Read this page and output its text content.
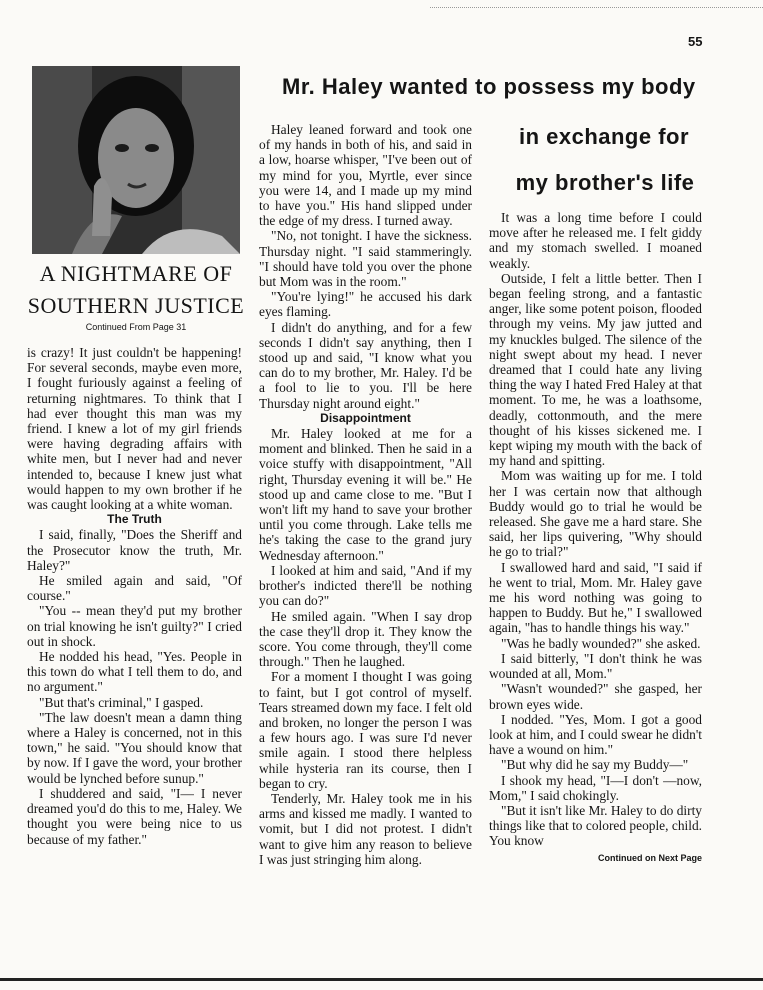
55
A NIGHTMARE OF
SOUTHERN JUSTICE
Continued From Page 31
Mr. Haley wanted to possess my body
in exchange for
my brother's life

is crazy! It just couldn't be happening! For several seconds, maybe even more, I fought furiously against a feeling of returning nightmares. To think that I had ever thought this man was my friend. I knew a lot of my girl friends were having degrading affairs with white men, but I never had and never intended to, because I knew just what would happen to my own brother if he was caught looking at a white woman.

The Truth

I said, finally, "Does the Sheriff and the Prosecutor know the truth, Mr. Haley?"

He smiled again and said, "Of course."

"You -- mean they'd put my brother on trial knowing he isn't guilty?" I cried out in shock.

He nodded his head, "Yes. People in this town do what I tell them to do, and no argument."

"But that's criminal," I gasped.

"The law doesn't mean a damn thing where a Haley is concerned, not in this town," he said. "You should know that by now. If I gave the word, your brother would be lynched before sunup."

I shuddered and said, "I— I never dreamed you'd do this to me, Haley. We thought you were being nice to us because of my father."

Haley leaned forward and took one of my hands in both of his, and said in a low, hoarse whisper, "I've been out of my mind for you, Myrtle, ever since you were 14, and I made up my mind to have you." His hand slipped under the edge of my dress. I turned away.

"No, not tonight. I have the sickness. Thursday night. "I said stammeringly. "I should have told you over the phone but Mom was in the room."

"You're lying!" he accused his dark eyes flaming.

I didn't do anything, and for a few seconds I didn't say anything, then I stood up and said, "I know what you can do to my brother, Mr. Haley. I'd be a fool to lie to you. I'll be here Thursday night around eight."

Disappointment

Mr. Haley looked at me for a moment and blinked. Then he said in a voice stuffy with disappointment, "All right, Thursday evening it will be." He stood up and came close to me. "But I won't lift my hand to save your brother until you come through. Lake tells me he's taking the case to the grand jury Wednesday afternoon."

I looked at him and said, "And if my brother's indicted there'll be nothing you can do?"

He smiled again. "When I say drop the case they'll drop it. They know the score. You come through, they'll come through." Then he laughed.

For a moment I thought I was going to faint, but I got control of myself. Tears streamed down my face. I felt old and broken, no longer the person I was a few hours ago. I was sure I'd never smile again. I stood there helpless while hysteria ran its course, then I began to cry.

Tenderly, Mr. Haley took me in his arms and kissed me madly. I wanted to vomit, but I did not protest. I didn't want to give him any reason to believe I was just stringing him along.

It was a long time before I could move after he released me. I felt giddy and my stomach swelled. I moaned weakly.

Outside, I felt a little better. Then I began feeling strong, and a fantastic anger, like some potent poison, flooded through my veins. My jaw jutted and my knuckles bulged. The silence of the night swept about my head. I never dreamed that I could hate any living thing the way I hated Fred Haley at that moment. To me, he was a loathsome, deadly, cottonmouth, and the mere thought of his kisses sickened me. I kept wiping my mouth with the back of my hand and spitting.

Mom was waiting up for me. I told her I was certain now that although Buddy would go to trial he would be released. She gave me a hard stare. She said, her lips quivering, "Why should he go to trial?"

I swallowed hard and said, "I said if he went to trial, Mom. Mr. Haley gave me his word nothing was going to happen to Buddy. But he," I swallowed again, "has to handle things his way."

"Was he badly wounded?" she asked.

I said bitterly, "I don't think he was wounded at all, Mom."

"Wasn't wounded?" she gasped, her brown eyes wide.

I nodded. "Yes, Mom. I got a good look at him, and I could swear he didn't have a wound on him."

"But why did he say my Buddy—"

I shook my head, "I—I don't —now, Mom," I said chokingly.

"But it isn't like Mr. Haley to do dirty things like that to colored people, child. You know

Continued on Next Page
